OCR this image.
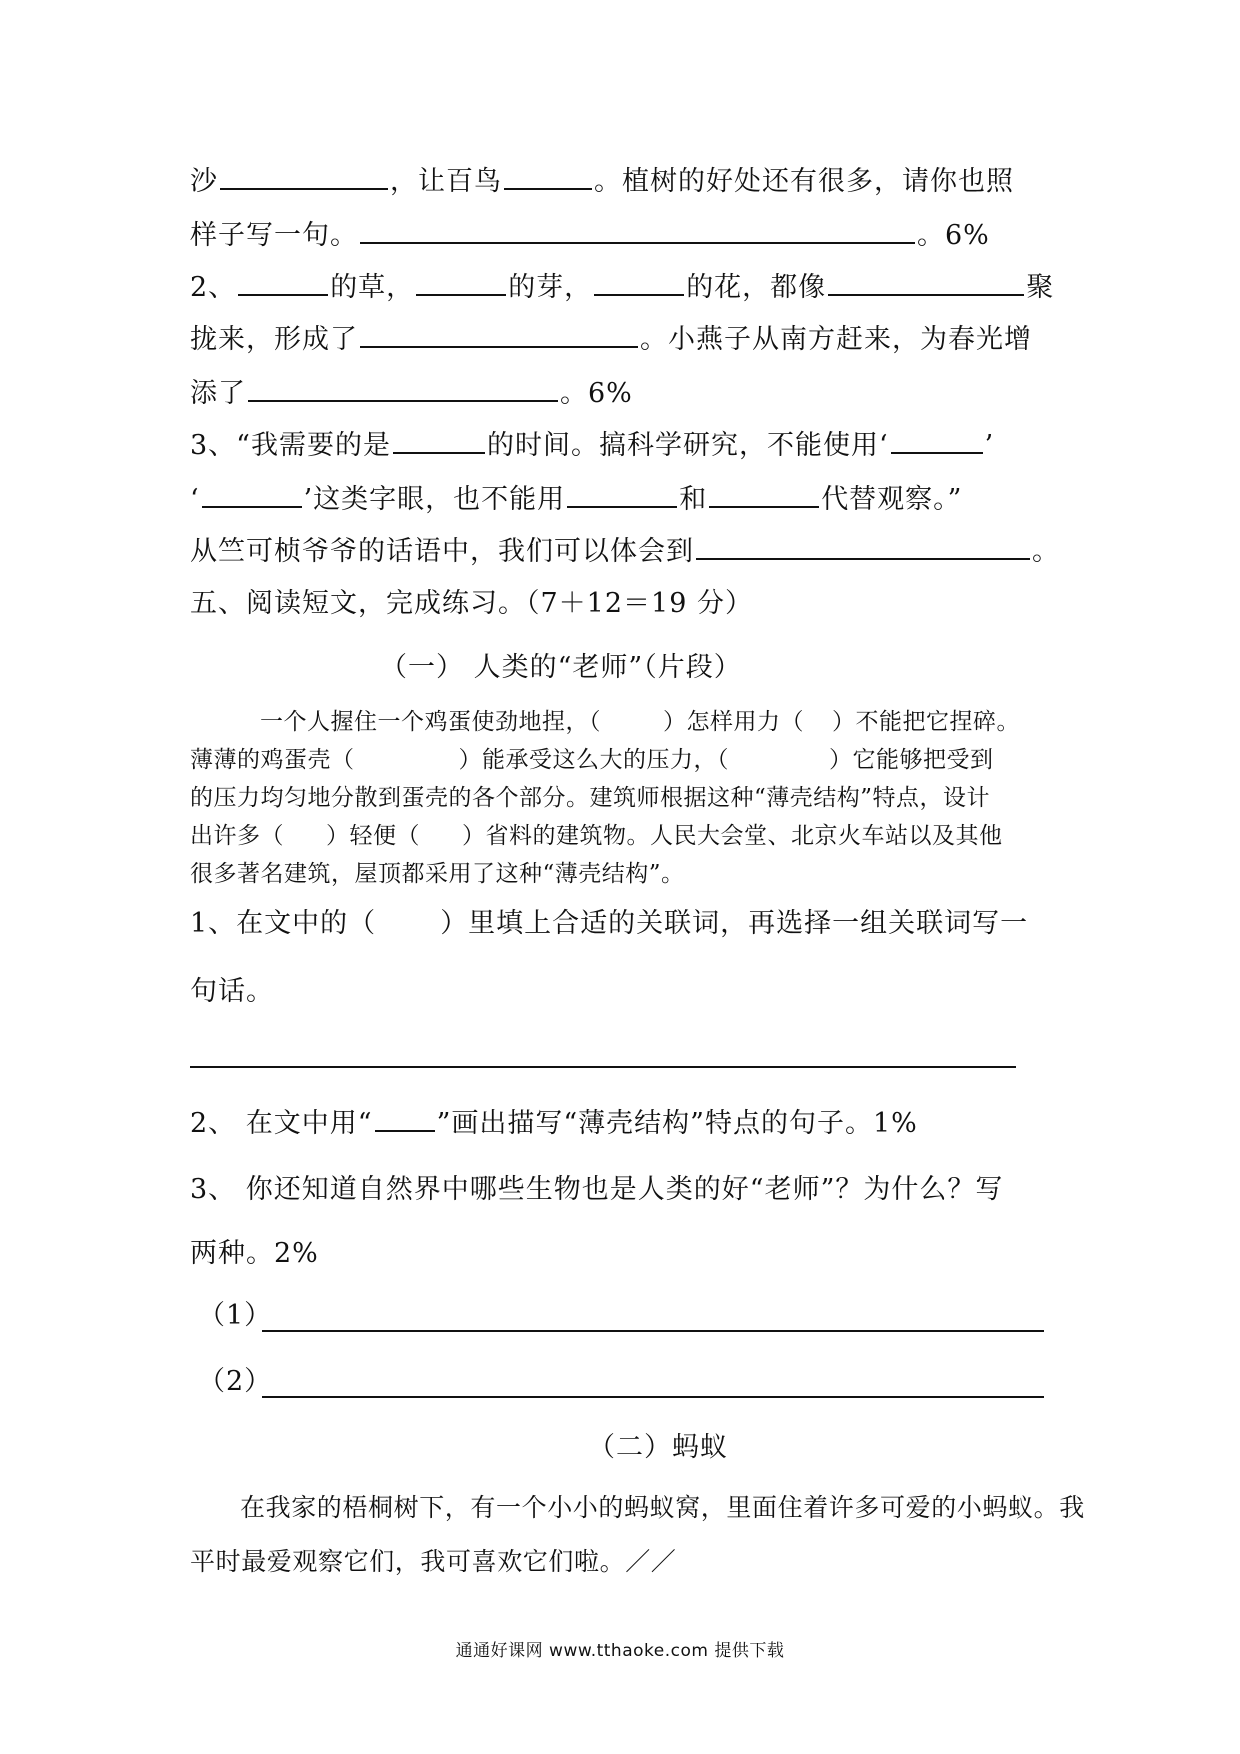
沙	，让百鸟	。植树的好处还有很多，请你也照
样子写一句。	。6%
2、	的草，	的芽，	的花，都像	聚
拢来，形成了	。小燕子从南方赶来，为春光增
添了	。6%
3、“我需要的是	的时间。搞科学研究，不能使用‘	’
‘	’这类字眼，也不能用	和	代替观察。”
从竺可桢爷爷的话语中，我们可以体会到	。
五、阅读短文，完成练习。（7＋12＝19 分）
（一） 人类的“老师”（片段）
一个人握住一个鸡蛋使劲地捏，（	）怎样用力（ ）不能把它捏碎。
薄薄的鸡蛋壳（	）能承受这么大的压力，（	）它能够把受到
的压力均匀地分散到蛋壳的各个部分。建筑师根据这种“薄壳结构”特点，设计
出许多（ ）轻便（ ）省料的建筑物。人民大会堂、北京火车站以及其他
很多著名建筑，屋顶都采用了这种“薄壳结构”。
1、在文中的（ ）里填上合适的关联词，再选择一组关联词写一
句话。
2、 在文中用“ ”画出描写“薄壳结构”特点的句子。1%
3、 你还知道自然界中哪些生物也是人类的好“老师”？为什么？写
两种。2%
（1）
（2）
（二）蚂蚁
在我家的梧桐树下，有一个小小的蚂蚁窝，里面住着许多可爱的小蚂蚁。我
平时最爱观察它们，我可喜欢它们啦。／／
通通好课网 www.tthaoke.com 提供下载
